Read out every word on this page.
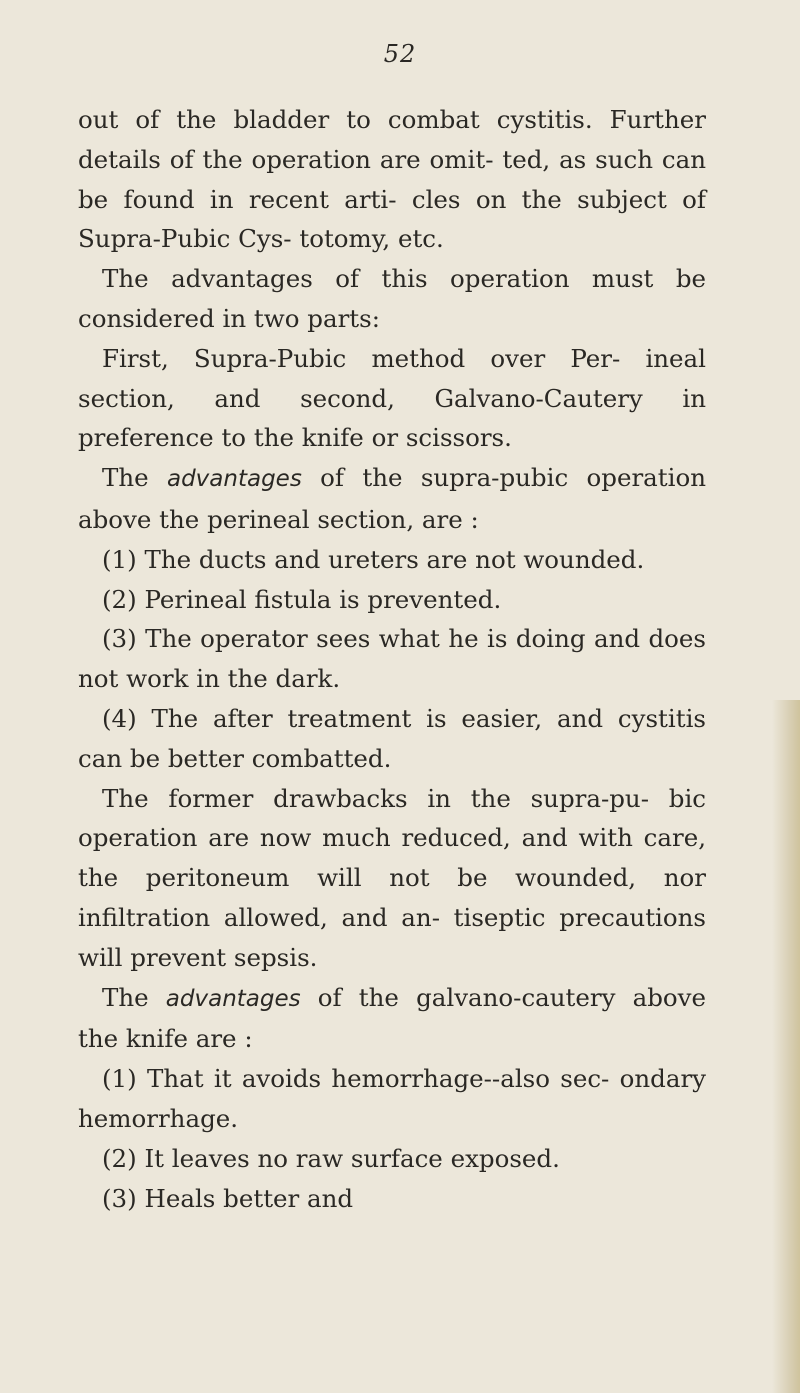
52

out of the bladder to combat cystitis. Further details of the operation are omit- ted, as such can be found in recent arti- cles on the subject of Supra-Pubic Cys- totomy, etc.

The advantages of this operation must be considered in two parts:

First, Supra-Pubic method over Per- ineal section, and second, Galvano-Cautery in preference to the knife or scissors.

The advantages of the supra-pubic operation above the perineal section, are :

(1) The ducts and ureters are not wounded.

(2) Perineal fistula is prevented.

(3) The operator sees what he is doing and does not work in the dark.

(4) The after treatment is easier, and cystitis can be better combatted.

The former drawbacks in the supra-pu- bic operation are now much reduced, and with care, the peritoneum will not be wounded, nor infiltration allowed, and an- tiseptic precautions will prevent sepsis.

The advantages of the galvano-cautery above the knife are :

(1) That it avoids hemorrhage--also sec- ondary hemorrhage.

(2) It leaves no raw surface exposed.

(3) Heals better and
